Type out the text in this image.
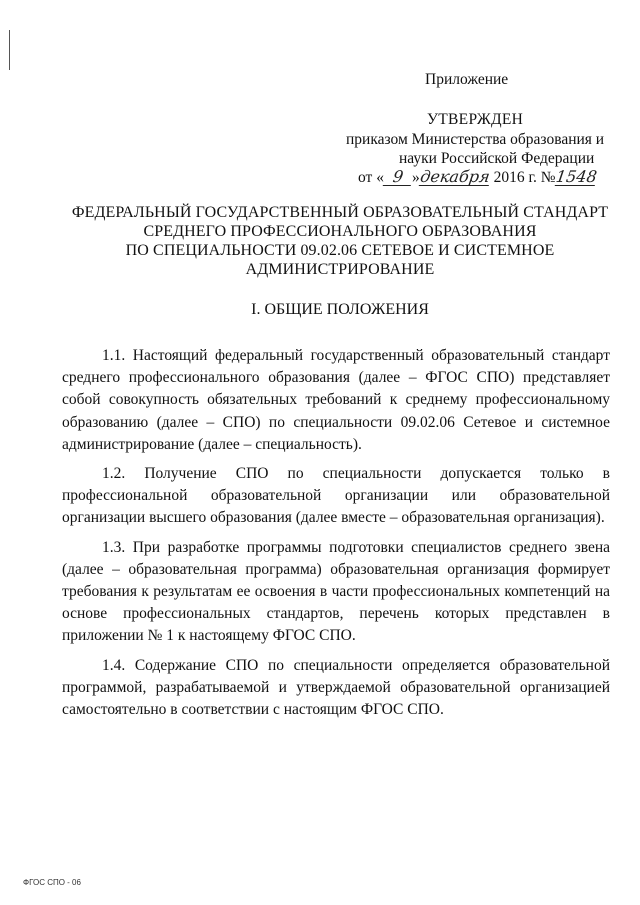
Приложение
УТВЕРЖДЕН
приказом Министерства образования и
науки Российской Федерации
от « 9 »декабря 2016 г. №1548
ФЕДЕРАЛЬНЫЙ ГОСУДАРСТВЕННЫЙ ОБРАЗОВАТЕЛЬНЫЙ СТАНДАРТ
СРЕДНЕГО ПРОФЕССИОНАЛЬНОГО ОБРАЗОВАНИЯ
ПО СПЕЦИАЛЬНОСТИ 09.02.06 СЕТЕВОЕ И СИСТЕМНОЕ
АДМИНИСТРИРОВАНИЕ
I. ОБЩИЕ ПОЛОЖЕНИЯ

1.1. Настоящий федеральный государственный образовательный стандарт среднего профессионального образования (далее – ФГОС СПО) представляет собой совокупность обязательных требований к среднему профессиональному образованию (далее – СПО) по специальности 09.02.06 Сетевое и системное администрирование (далее – специальность).

1.2. Получение СПО по специальности допускается только в профессиональной образовательной организации или образовательной организации высшего образования (далее вместе – образовательная организация).

1.3. При разработке программы подготовки специалистов среднего звена (далее – образовательная программа) образовательная организация формирует требования к результатам ее освоения в части профессиональных компетенций на основе профессиональных стандартов, перечень которых представлен в приложении № 1 к настоящему ФГОС СПО.

1.4. Содержание СПО по специальности определяется образовательной программой, разрабатываемой и утверждаемой образовательной организацией самостоятельно в соответствии с настоящим ФГОС СПО.

ФГОС СПО - 06
